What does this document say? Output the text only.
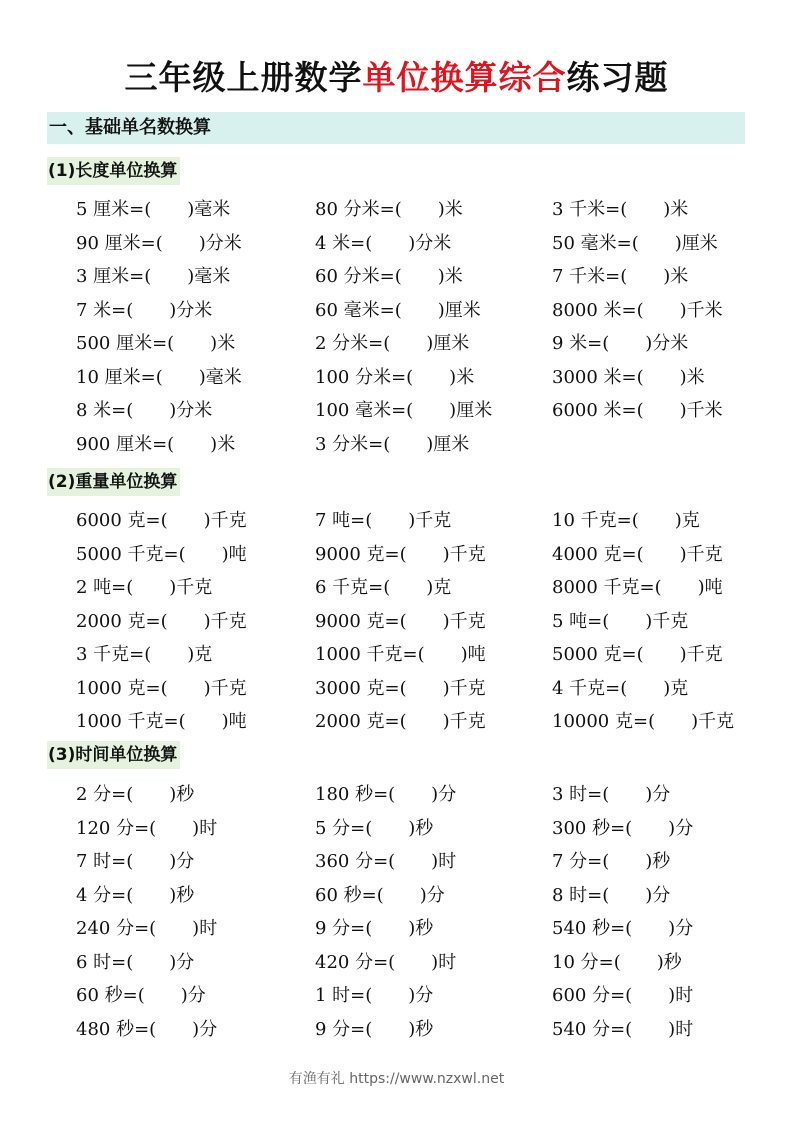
三年级上册数学单位换算综合练习题
一、基础单名数换算
(1)长度单位换算
5 厘米=(　　)毫米	80 分米=(　　)米	3 千米=(　　)米
90 厘米=(　　)分米	4 米=(　　)分米	50 毫米=(　　)厘米
3 厘米=(　　)毫米	60 分米=(　　)米	7 千米=(　　)米
7 米=(　　)分米	60 毫米=(　　)厘米	8000 米=(　　)千米
500 厘米=(　　)米	2 分米=(　　)厘米	9 米=(　　)分米
10 厘米=(　　)毫米	100 分米=(　　)米	3000 米=(　　)米
8 米=(　　)分米	100 毫米=(　　)厘米	6000 米=(　　)千米
900 厘米=(　　)米	3 分米=(　　)厘米
(2)重量单位换算
6000 克=(　　)千克	7 吨=(　　)千克	10 千克=(　　)克
5000 千克=(　　)吨	9000 克=(　　)千克	4000 克=(　　)千克
2 吨=(　　)千克	6 千克=(　　)克	8000 千克=(　　)吨
2000 克=(　　)千克	9000 克=(　　)千克	5 吨=(　　)千克
3 千克=(　　)克	1000 千克=(　　)吨	5000 克=(　　)千克
1000 克=(　　)千克	3000 克=(　　)千克	4 千克=(　　)克
1000 千克=(　　)吨	2000 克=(　　)千克	10000 克=(　　)千克
(3)时间单位换算
2 分=(　　)秒	180 秒=(　　)分	3 时=(　　)分
120 分=(　　)时	5 分=(　　)秒	300 秒=(　　)分
7 时=(　　)分	360 分=(　　)时	7 分=(　　)秒
4 分=(　　)秒	60 秒=(　　)分	8 时=(　　)分
240 分=(　　)时	9 分=(　　)秒	540 秒=(　　)分
6 时=(　　)分	420 分=(　　)时	10 分=(　　)秒
60 秒=(　　)分	1 时=(　　)分	600 分=(　　)时
480 秒=(　　)分	9 分=(　　)秒	540 分=(　　)时
有渔有礼 https://www.nzxwl.net
